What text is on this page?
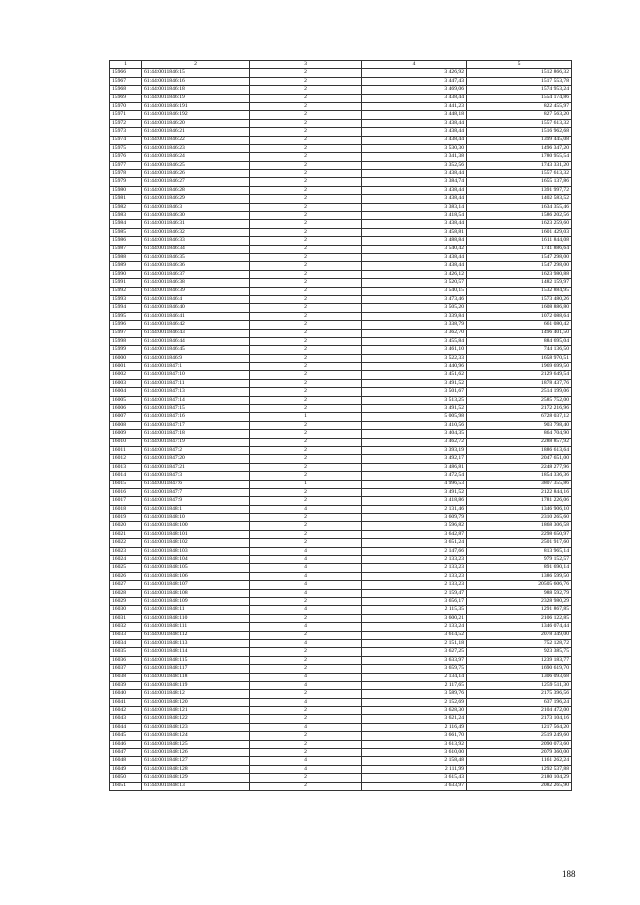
1	2	3	4	5
15966	61:44:0011846:15	2	3 426,92	1512 866,32
15967	61:44:0011846:16	2	3 447,43	1517 553,78
15968	61:44:0011846:18	2	3 469,06	1574 953,24
15969	61:44:0011846:19	2	3 438,44	1554 174,86
15970	61:44:0011846:191	2	3 441,23	822 455,97
15971	61:44:0011846:192	2	3 448,18	827 563,20
15972	61:44:0011846:20	2	3 438,44	1557 613,32
15973	61:44:0011846:21	2	3 438,44	1516 962,68
15974	61:44:0011846:22	2	3 438,44	1399 445,08
15975	61:44:0011846:23	2	3 530,30	1496 347,20
15976	61:44:0011846:24	2	3 341,38	1780 955,54
15977	61:44:0011846:25	2	3 352,56	1743 331,20
15978	61:44:0011846:26	2	3 438,44	1557 613,32
15979	61:44:0011846:27	2	3 384,74	1655 137,86
15980	61:44:0011846:28	2	3 438,44	1391 997,72
15981	61:44:0011846:29	2	3 438,44	1402 583,52
15982	61:44:0011846:3	2	3 383,14	1634 355,46
15983	61:44:0011846:30	2	3 418,54	1586 202,56
15984	61:44:0011846:31	2	3 438,44	1623 259,60
15985	61:44:0011846:32	2	3 458,81	1601 429,03
15986	61:44:0011846:33	2	3 488,84	1611 844,08
15987	61:44:0011846:34	2	3 540,42	1741 886,64
15988	61:44:0011846:35	2	3 438,44	1547 298,00
15989	61:44:0011846:36	2	3 438,44	1547 298,00
15990	61:44:0011846:37	2	3 426,12	1623 980,88
15991	61:44:0011846:38	2	3 520,57	1482 159,97
15992	61:44:0011846:39	2	3 540,15	1532 884,95
15993	61:44:0011846:4	2	3 473,46	1573 480,26
15994	61:44:0011846:40	2	3 505,20	1608 886,80
15995	61:44:0011846:41	2	3 339,84	1072 088,64
15996	61:44:0011846:42	2	3 338,79	661 080,42
15997	61:44:0011846:43	2	3 362,70	1496 401,50
15998	61:44:0011846:44	2	3 455,84	884 695,04
15999	61:44:0011846:45	2	3 461,10	744 136,50
16000	61:44:0011846:9	2	3 522,33	1658 970,51
16001	61:44:0011847:1	2	3 440,96	1969 699,50
16002	61:44:0011847:10	2	3 451,62	2129 649,54
16003	61:44:0011847:11	2	3 491,52	1878 437,76
16004	61:44:0011847:13	2	3 501,67	2514 199,06
16005	61:44:0011847:14	2	3 513,25	2585 752,00
16006	61:44:0011847:15	2	3 491,52	2172 216,96
16007	61:44:0011847:16	1	5 005,98	6728 037,12
16008	61:44:0011847:17	2	3 410,56	903 798,40
16009	61:44:0011847:18	2	3 404,35	864 704,90
16010	61:44:0011847:19	2	3 462,72	2288 857,92
16011	61:44:0011847:2	2	3 393,19	1886 613,64
16012	61:44:0011847:20	2	3 492,17	2047 651,00
16013	61:44:0011847:21	2	3 486,81	2248 277,96
16014	61:44:0011847:3	2	3 472,54	1854 336,36
16015	61:44:0011847:6	1	4 996,53	3807 355,86
16016	61:44:0011847:7	2	3 491,52	2122 844,16
16017	61:44:0011847:9	2	3 418,86	1781 226,06
16018	61:44:0011848:1	4	2 131,46	1346 906,10
16019	61:44:0011848:10	2	3 609,79	2310 265,60
16020	61:44:0011848:100	2	3 596,82	1868 306,58
16021	61:44:0011848:101	2	3 642,87	2298 650,97
16022	61:44:0011848:102	2	3 651,24	2501 917,60
16023	61:44:0011848:103	4	2 147,66	813 965,14
16024	61:44:0011848:104	4	2 133,23	979 152,57
16025	61:44:0011848:105	4	2 133,23	891 690,14
16026	61:44:0011848:106	4	2 133,23	1386 599,50
16027	61:44:0011848:107	4	2 133,23	20505 606,76
16028	61:44:0011848:108	4	2 159,47	988 592,79
16029	61:44:0011848:109	2	3 656,17	2328 980,29
16030	61:44:0011848:11	4	2 115,35	1291 867,85
16031	61:44:0011848:110	2	3 600,21	2106 122,85
16032	61:44:0011848:111	4	2 133,24	1346 074,44
16033	61:44:0011848:112	2	3 614,52	2078 349,00
16034	61:44:0011848:113	4	2 151,18	752 128,72
16035	61:44:0011848:114	2	3 627,25	923 385,75
16036	61:44:0011848:115	2	3 633,97	1239 183,77
16037	61:44:0011848:117	2	3 659,75	1690 619,70
16038	61:44:0011848:118	4	2 134,14	1306 093,68
16039	61:44:0011848:119	4	2 117,65	1259 511,30
16040	61:44:0011848:12	2	3 589,76	2175 396,56
16041	61:44:0011848:120	4	2 152,69	637 196,24
16042	61:44:0011848:121	2	3 628,30	2104 472,00
16043	61:44:0011848:122	2	3 621,24	2173 104,16
16044	61:44:0011848:123	4	2 116,49	1217 564,20
16045	61:44:0011848:124	2	3 661,70	2519 249,60
16046	61:44:0011848:125	2	3 613,92	2090 073,60
16047	61:44:0011848:126	2	3 610,00	2079 360,00
16048	61:44:0011848:127	4	2 158,48	1161 262,24
16049	61:44:0011848:128	4	2 111,99	1292 537,88
16050	61:44:0011848:129	2	3 615,43	2180 104,29
16051	61:44:0011848:13	2	3 633,97	2082 265,90
188
